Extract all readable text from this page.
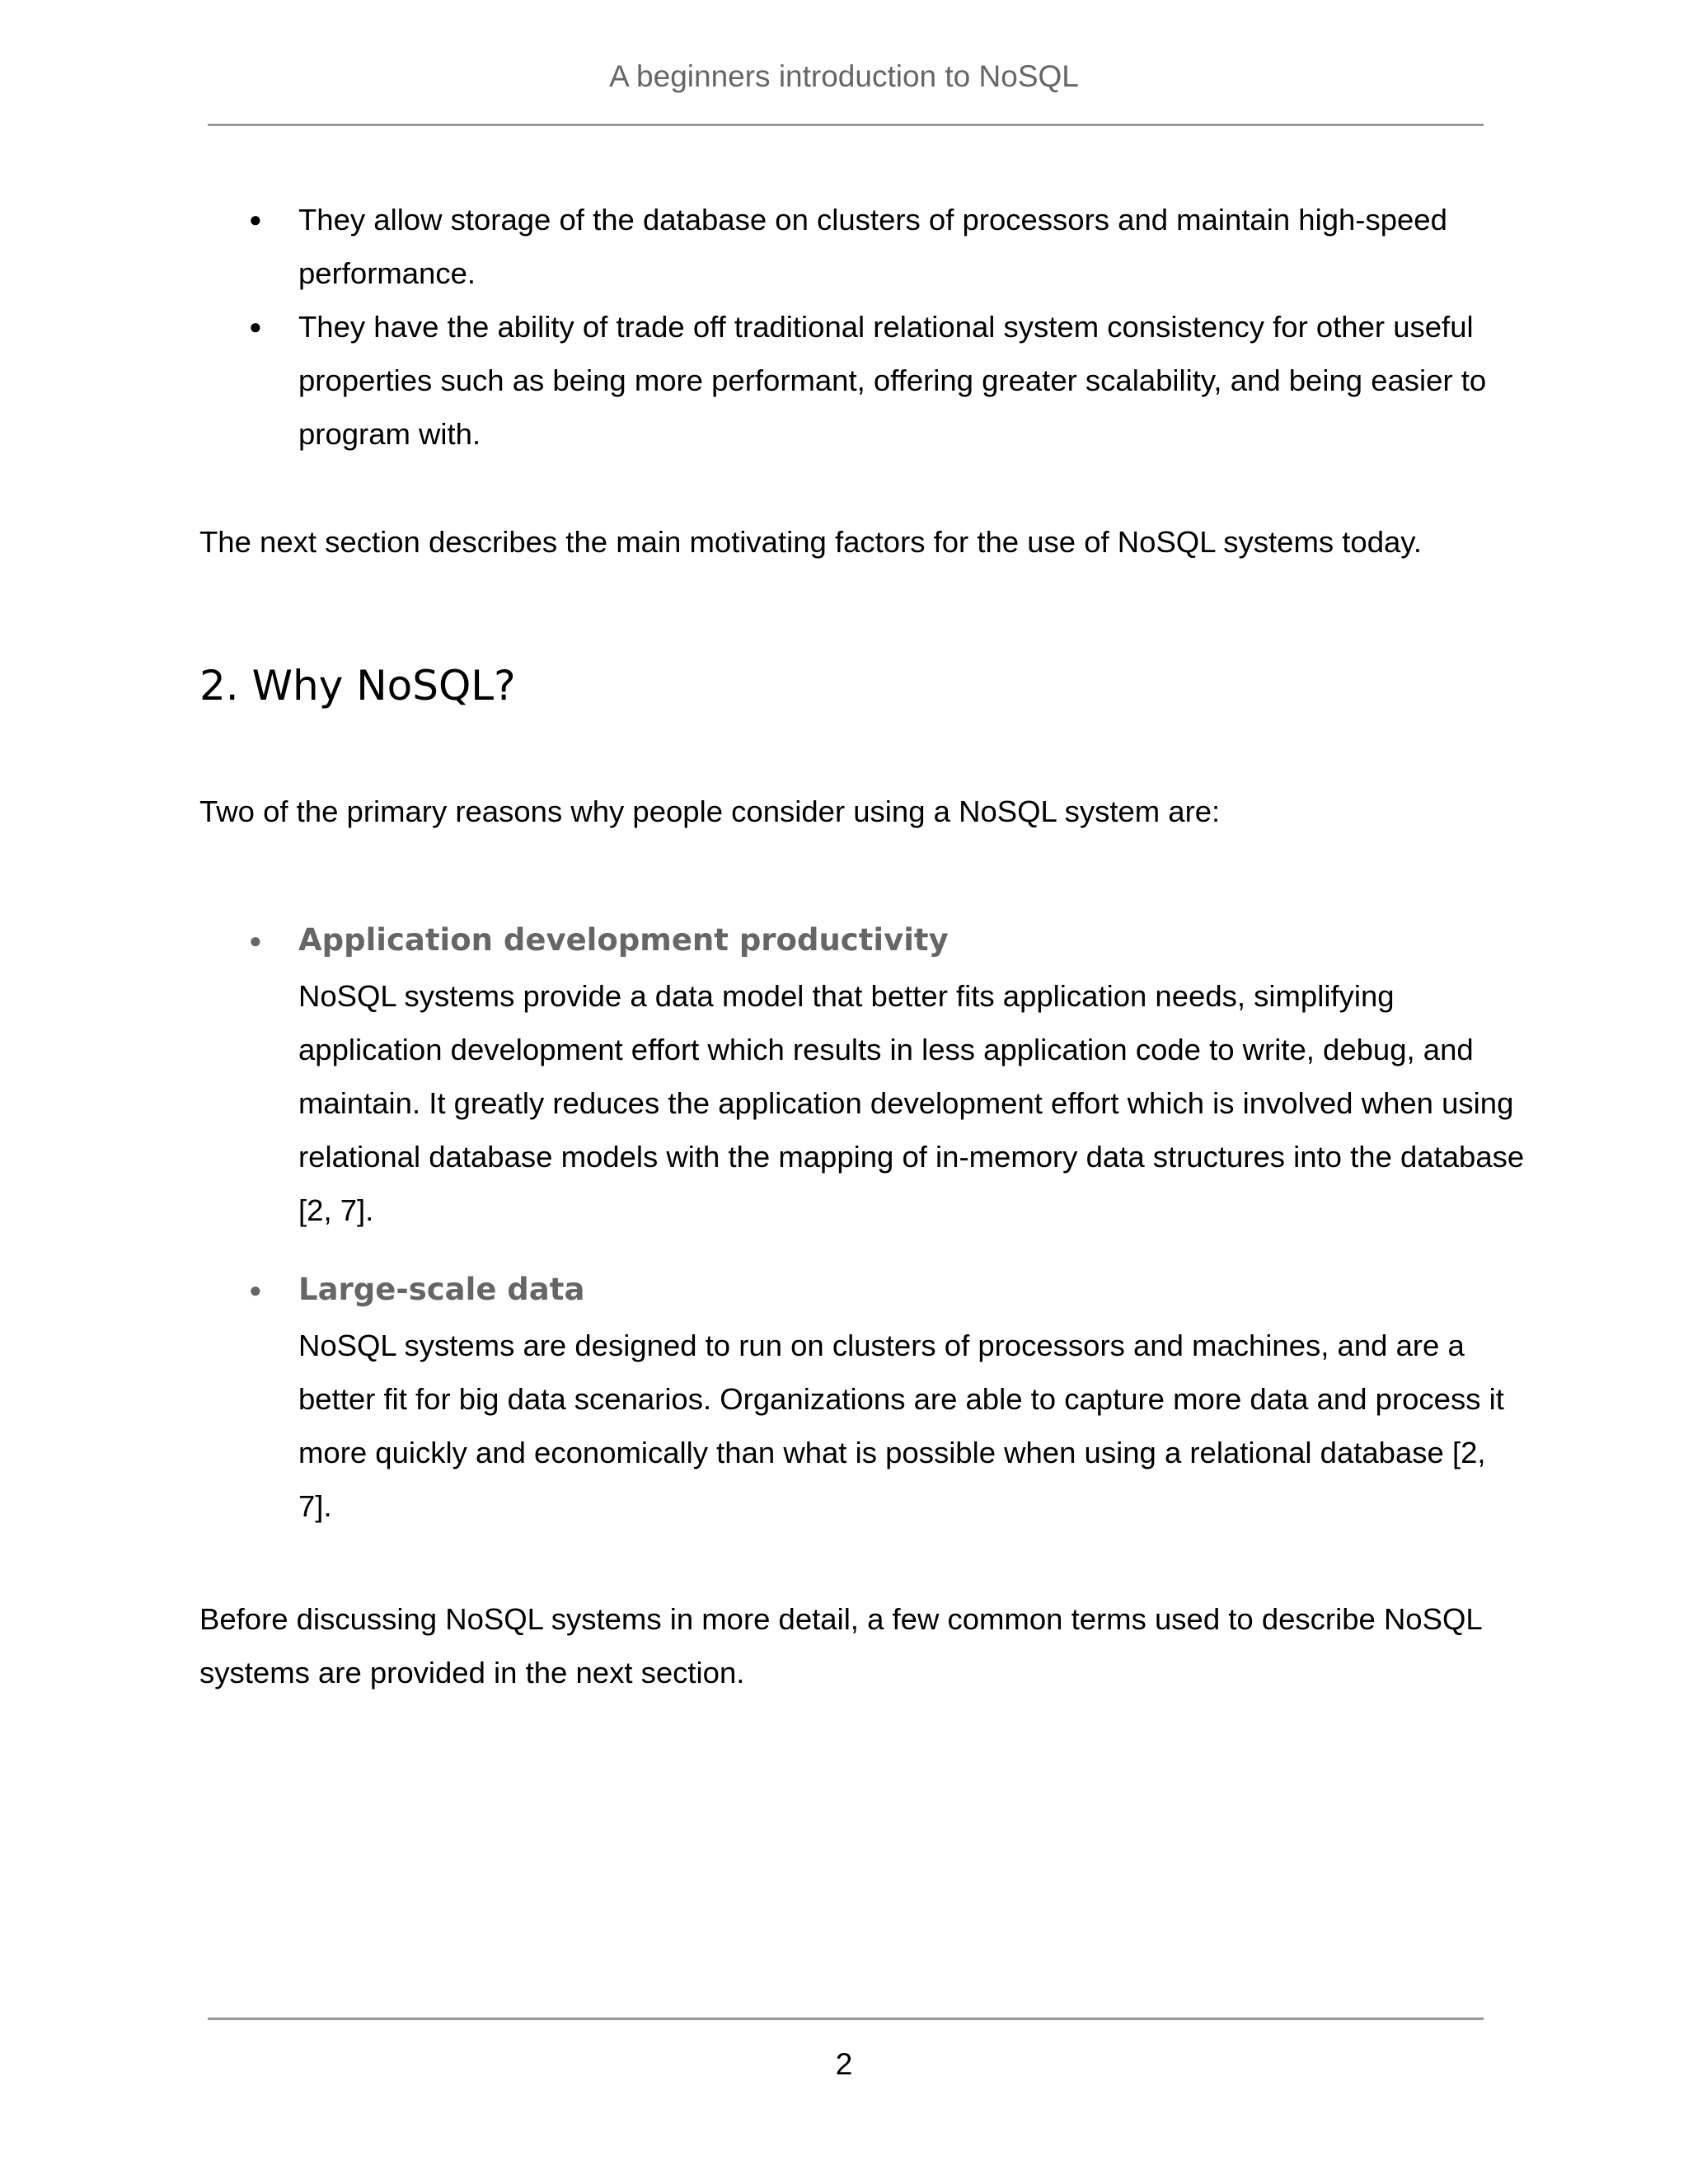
A beginners introduction to NoSQL
● They allow storage of the database on clusters of processors and maintain high-speed performance.

● They have the ability of trade off traditional relational system consistency for other useful properties such as being more performant, offering greater scalability, and being easier to program with.

The next section describes the main motivating factors for the use of NoSQL systems today.

2. Why NoSQL?

Two of the primary reasons why people consider using a NoSQL system are:

● Application development productivity

NoSQL systems provide a data model that better fits application needs, simplifying application development effort which results in less application code to write, debug, and maintain. It greatly reduces the application development effort which is involved when using relational database models with the mapping of in-memory data structures into the database [2, 7].

● Large-scale data

NoSQL systems are designed to run on clusters of processors and machines, and are a better fit for big data scenarios. Organizations are able to capture more data and process it more quickly and economically than what is possible when using a relational database [2, 7].

Before discussing NoSQL systems in more detail, a few common terms used to describe NoSQL systems are provided in the next section.

2
